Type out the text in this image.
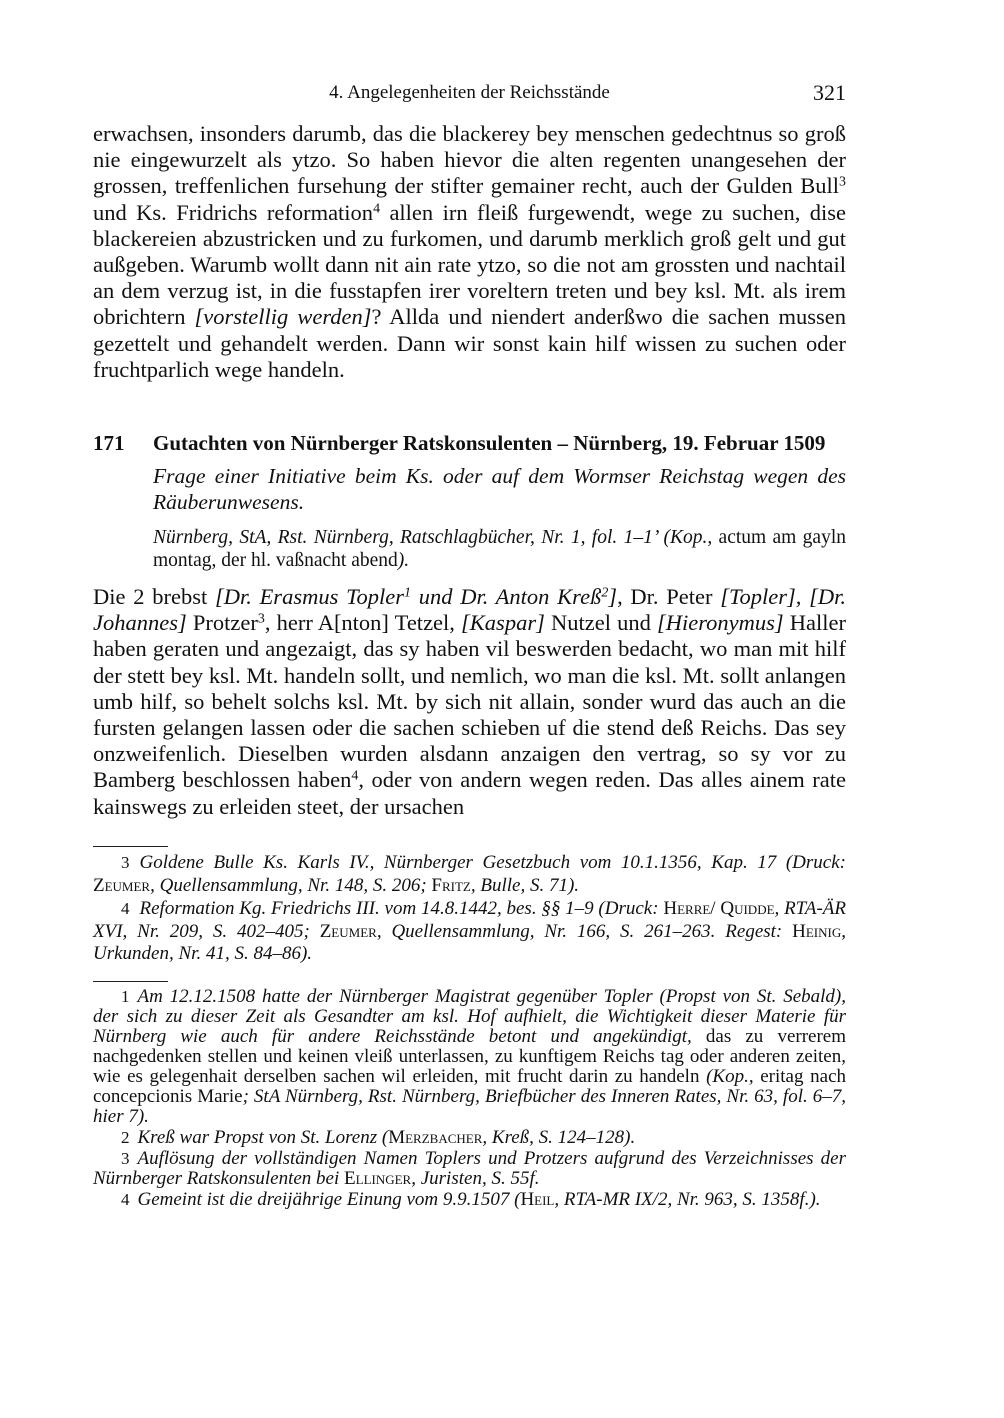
4. Angelegenheiten der Reichsstände	321

erwachsen, insonders darumb, das die blackerey bey menschen gedechtnus so groß nie eingewurzelt als ytzo. So haben hievor die alten regenten unangesehen der grossen, treffenlichen fursehung der stifter gemainer recht, auch der Gulden Bull$^3$ und Ks. Fridrichs reformation$^4$ allen irn fleiß furgewendt, wege zu suchen, dise blackereien abzustricken und zu furkomen, und darumb merklich groß gelt und gut außgeben. Warumb wollt dann nit ain rate ytzo, so die not am grossten und nachtail an dem verzug ist, in die fusstapfen irer voreltern treten und bey ksl. Mt. als irem obrichtern [vorstellig werden]? Allda und niendert anderßwo die sachen mussen gezettelt und gehandelt werden. Dann wir sonst kain hilf wissen zu suchen oder fruchtparlich wege handeln.

171	Gutachten von Nürnberger Ratskonsulenten – Nürnberg, 19. Februar 1509
Frage einer Initiative beim Ks. oder auf dem Wormser Reichstag wegen des Räuberunwesens.
Nürnberg, StA, Rst. Nürnberg, Ratschlagbücher, Nr. 1, fol. 1–1’ (Kop., actum am gayln montag, der hl. vaßnacht abend).

Die 2 brebst [Dr. Erasmus Topler$^1$ und Dr. Anton Kreß$^2$], Dr. Peter [Topler], [Dr. Johannes] Protzer$^3$, herr A[nton] Tetzel, [Kaspar] Nutzel und [Hieronymus] Haller haben geraten und angezaigt, das sy haben vil beswerden bedacht, wo man mit hilf der stett bey ksl. Mt. handeln sollt, und nemlich, wo man die ksl. Mt. sollt anlangen umb hilf, so behelt solchs ksl. Mt. by sich nit allain, sonder wurd das auch an die fursten gelangen lassen oder die sachen schieben uf die stend deß Reichs. Das sey onzweifenlich. Dieselben wurden alsdann anzaigen den vertrag, so sy vor zu Bamberg beschlossen haben$^4$, oder von andern wegen reden. Das alles ainem rate kainswegs zu erleiden steet, der ursachen

3 Goldene Bulle Ks. Karls IV., Nürnberger Gesetzbuch vom 10.1.1356, Kap. 17 (Druck: Zeumer, Quellensammlung, Nr. 148, S. 206; Fritz, Bulle, S. 71).

4 Reformation Kg. Friedrichs III. vom 14.8.1442, bes. §§ 1–9 (Druck: Herre/ Quidde, RTA-ÄR XVI, Nr. 209, S. 402–405; Zeumer, Quellensammlung, Nr. 166, S. 261–263. Regest: Heinig, Urkunden, Nr. 41, S. 84–86).

1 Am 12.12.1508 hatte der Nürnberger Magistrat gegenüber Topler (Propst von St. Sebald), der sich zu dieser Zeit als Gesandter am ksl. Hof aufhielt, die Wichtigkeit dieser Materie für Nürnberg wie auch für andere Reichsstände betont und angekündigt, das zu verrerem nachgedenken stellen und keinen vleiß unterlassen, zu kunftigem Reichs tag oder anderen zeiten, wie es gelegenhait derselben sachen wil erleiden, mit frucht darin zu handeln (Kop., eritag nach concepcionis Marie; StA Nürnberg, Rst. Nürnberg, Briefbücher des Inneren Rates, Nr. 63, fol. 6–7, hier 7).

2 Kreß war Propst von St. Lorenz (Merzbacher, Kreß, S. 124–128).

3 Auflösung der vollständigen Namen Toplers und Protzers aufgrund des Verzeichnisses der Nürnberger Ratskonsulenten bei Ellinger, Juristen, S. 55f.

4 Gemeint ist die dreijährige Einung vom 9.9.1507 (Heil, RTA-MR IX/2, Nr. 963, S. 1358f.).
